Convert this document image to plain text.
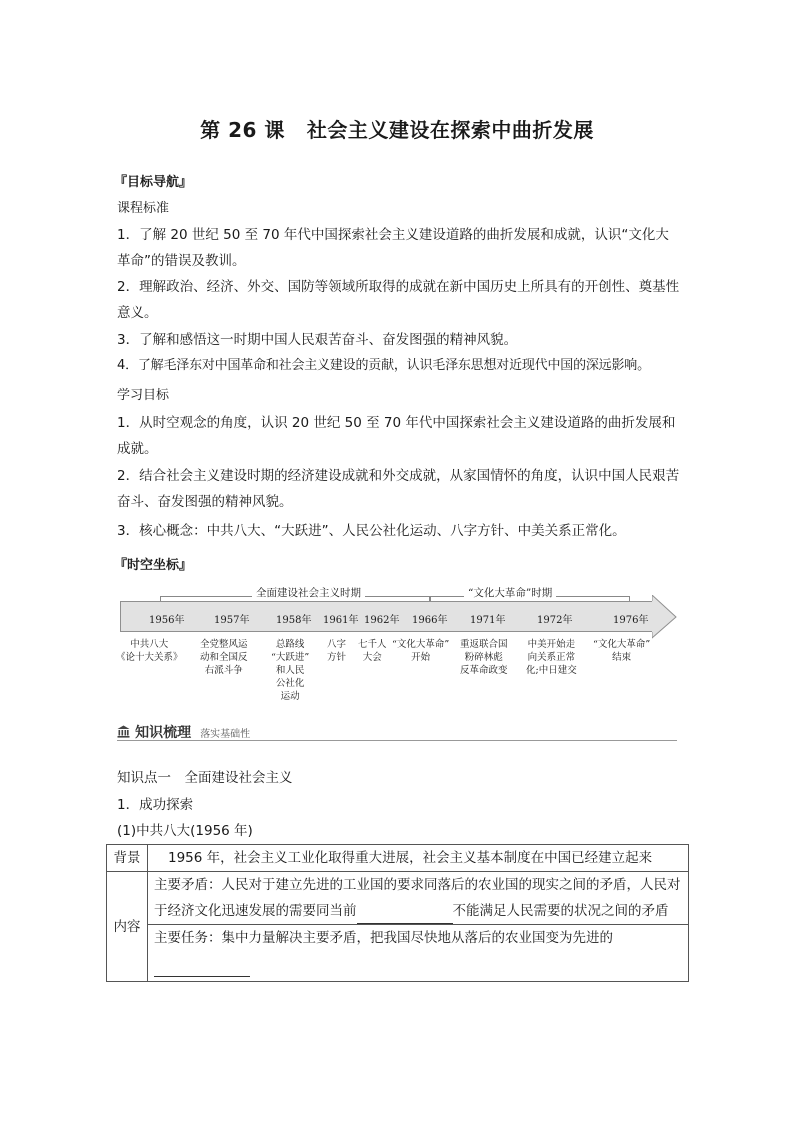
第 26 课 社会主义建设在探索中曲折发展
『目标导航』
课程标准
1．了解 20 世纪 50 至 70 年代中国探索社会主义建设道路的曲折发展和成就，认识“文化大革命”的错误及教训。
2．理解政治、经济、外交、国防等领域所取得的成就在新中国历史上所具有的开创性、奠基性意义。
3．了解和感悟这一时期中国人民艰苦奋斗、奋发图强的精神风貌。
4．了解毛泽东对中国革命和社会主义建设的贡献，认识毛泽东思想对近现代中国的深远影响。
学习目标
1．从时空观念的角度，认识 20 世纪 50 至 70 年代中国探索社会主义建设道路的曲折发展和成就。
2．结合社会主义建设时期的经济建设成就和外交成就，从家国情怀的角度，认识中国人民艰苦奋斗、奋发图强的精神风貌。
3．核心概念：中共八大、“大跃进”、人民公社化运动、八字方针、中美关系正常化。
『时空坐标』
全面建设社会主义时期	“文化大革命”时期
1956年	1957年	1958年 1961年 1962年 1966年 1971年	1972年	1976年
中共八大
《论十大关系》
全党整风运
动和全国反
右派斗争
总路线
“大跃进”
和人民
公社化
运动
八字
方针
七千人
大会
“文化大革命”
开始
重返联合国
粉碎林彪
反革命政变
中美开始走
向关系正常
化;中日建交
“文化大革命”
结束
知识梳理 落实基础性
知识点一　全面建设社会主义
1．成功探索
(1)中共八大(1956 年)
背景	1956 年，社会主义工业化取得重大进展，社会主义基本制度在中国已经建立起来
内容	主要矛盾：人民对于建立先进的工业国的要求同落后的农业国的现实之间的矛盾，人民对于经济文化迅速发展的需要同当前 不能满足人民需要的状况之间的矛盾
	主要任务：集中力量解决主要矛盾，把我国尽快地从落后的农业国变为先进的
